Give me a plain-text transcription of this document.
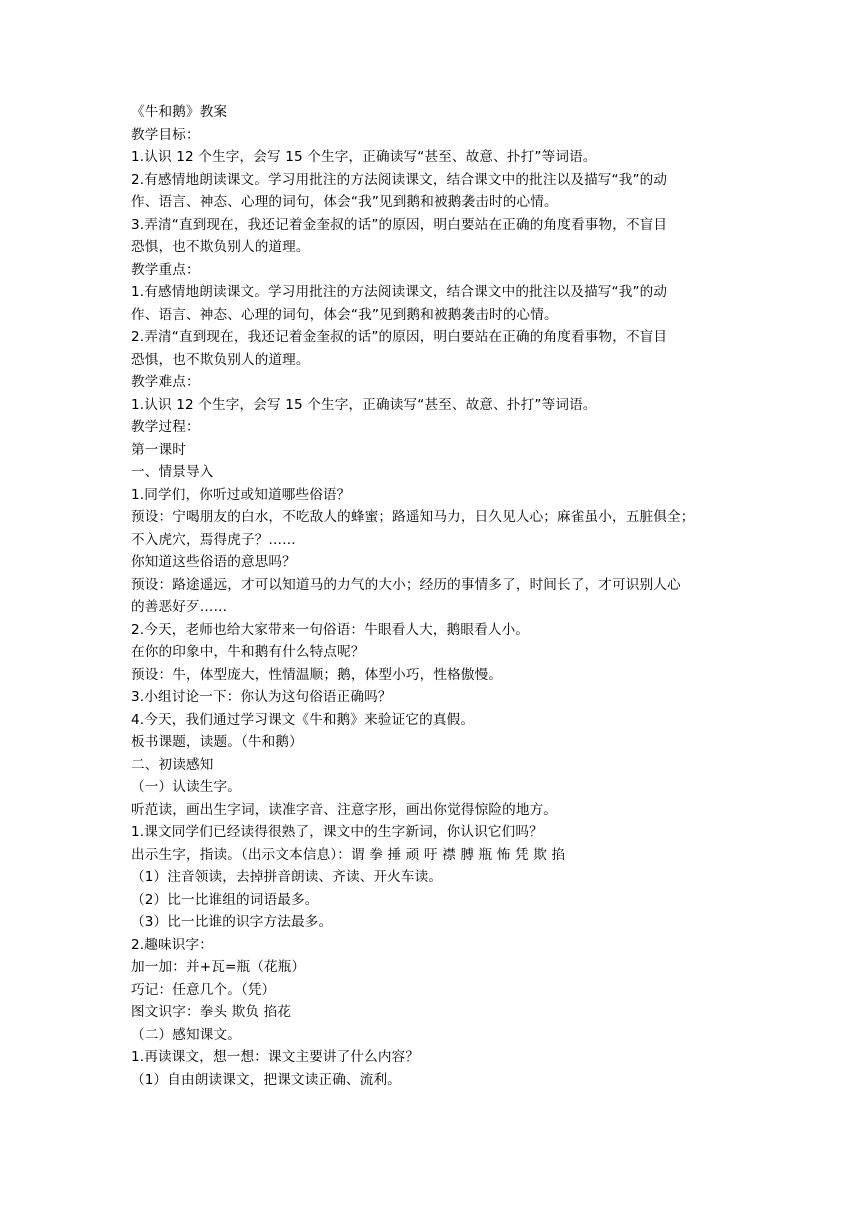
《牛和鹅》教案
教学目标：
1.认识 12 个生字，会写 15 个生字，正确读写“甚至、故意、扑打”等词语。
2.有感情地朗读课文。学习用批注的方法阅读课文，结合课文中的批注以及描写“我”的动
作、语言、神态、心理的词句，体会“我”见到鹅和被鹅袭击时的心情。
3.弄清“直到现在，我还记着金奎叔的话”的原因，明白要站在正确的角度看事物，不盲目
恐惧，也不欺负别人的道理。
教学重点：
1.有感情地朗读课文。学习用批注的方法阅读课文，结合课文中的批注以及描写“我”的动
作、语言、神态、心理的词句，体会“我”见到鹅和被鹅袭击时的心情。
2.弄清“直到现在，我还记着金奎叔的话”的原因，明白要站在正确的角度看事物，不盲目
恐惧，也不欺负别人的道理。
教学难点：
1.认识 12 个生字，会写 15 个生字，正确读写“甚至、故意、扑打”等词语。
教学过程：
第一课时
一、情景导入
1.同学们，你听过或知道哪些俗语？
预设：宁喝朋友的白水，不吃敌人的蜂蜜；路遥知马力，日久见人心；麻雀虽小，五脏俱全；
不入虎穴，焉得虎子？……
你知道这些俗语的意思吗？
预设：路途遥远，才可以知道马的力气的大小；经历的事情多了，时间长了，才可识别人心
的善恶好歹……
2.今天，老师也给大家带来一句俗语：牛眼看人大，鹅眼看人小。
在你的印象中，牛和鹅有什么特点呢？
预设：牛，体型庞大，性情温顺；鹅，体型小巧，性格傲慢。
3.小组讨论一下：你认为这句俗语正确吗？
4.今天，我们通过学习课文《牛和鹅》来验证它的真假。
板书课题，读题。（牛和鹅）
二、初读感知
（一）认读生字。
听范读，画出生字词，读准字音、注意字形，画出你觉得惊险的地方。
1.课文同学们已经读得很熟了，课文中的生字新词，你认识它们吗？
出示生字，指读。（出示文本信息）：谓 拳 捶 顽 吁 襟 膊 瓶 怖 凭 欺 掐
（1）注音领读，去掉拼音朗读、齐读、开火车读。
（2）比一比谁组的词语最多。
（3）比一比谁的识字方法最多。
2.趣味识字：
加一加：并+瓦=瓶（花瓶）
巧记：任意几个。（凭）
图文识字：拳头 欺负 掐花
（二）感知课文。
1.再读课文，想一想：课文主要讲了什么内容？
（1）自由朗读课文，把课文读正确、流利。
